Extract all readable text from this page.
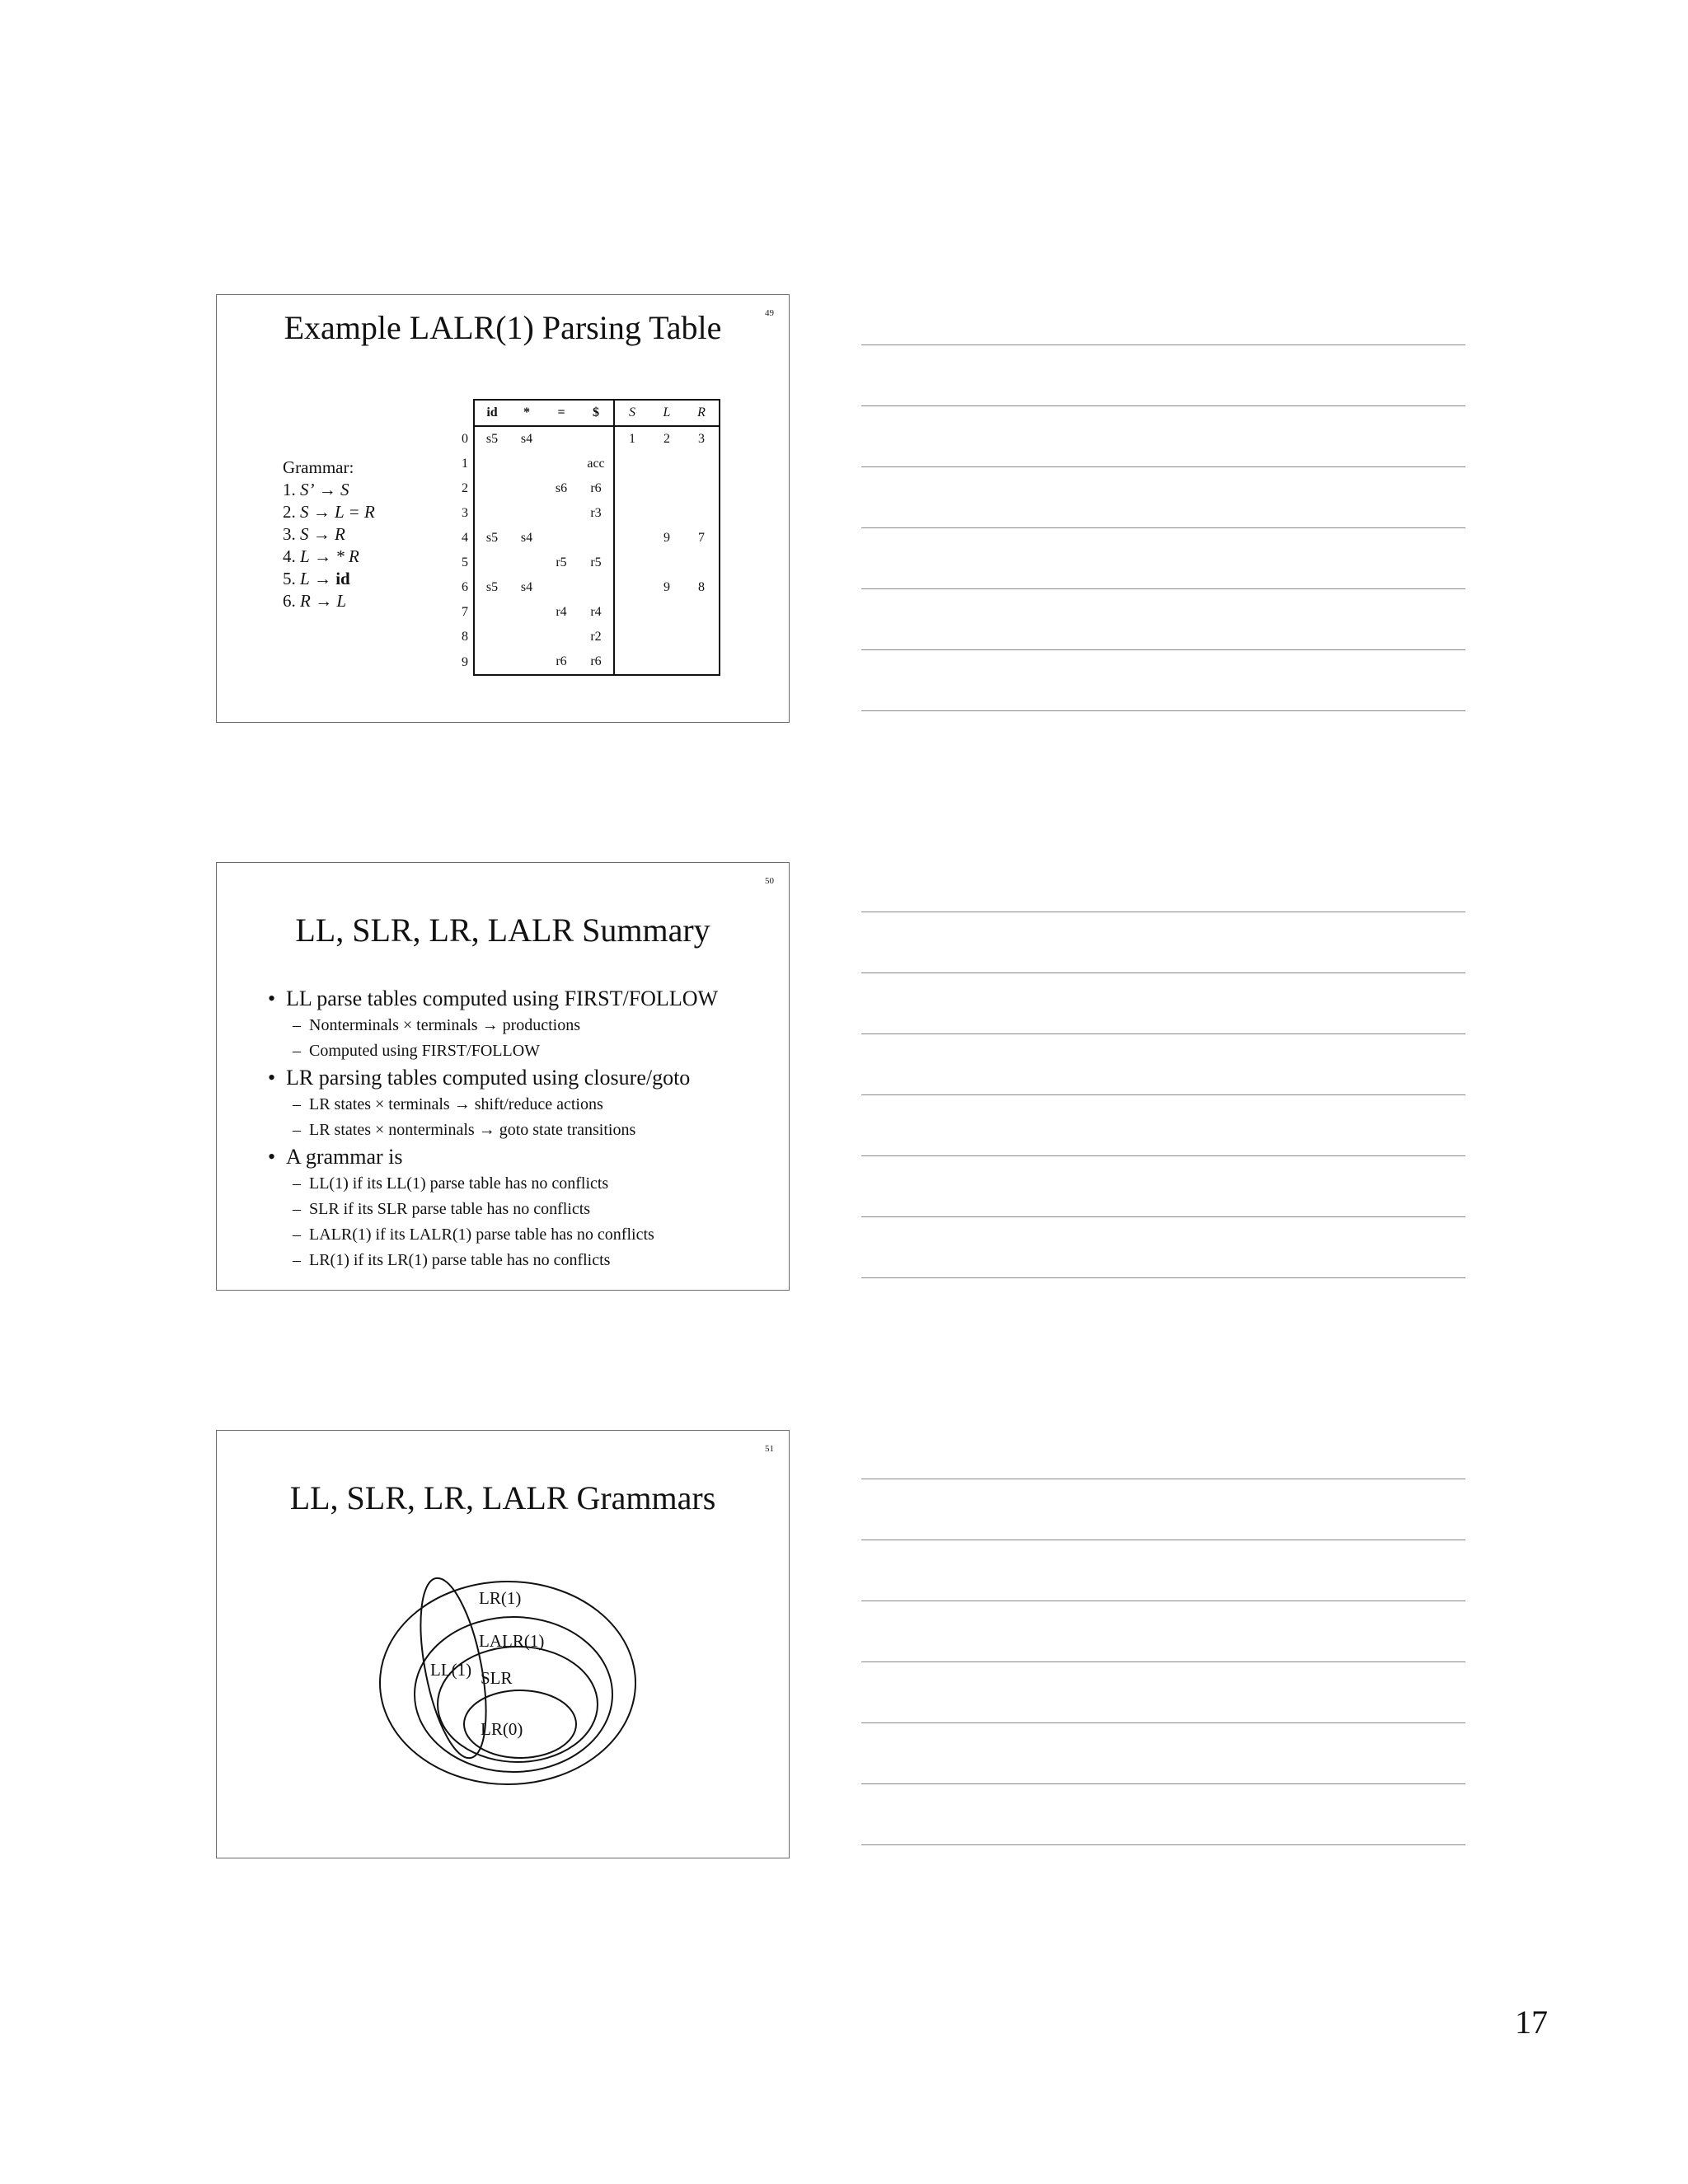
49
Example LALR(1) Parsing Table
Grammar:
1. S’ → S
2. S → L = R
3. S → R
4. L → * R
5. L → id
6. R → L
	id	*	=	$	S	L	R
0	s5	s4			1	2	3
1				acc			
2			s6	r6			
3				r3			
4	s5	s4				9	7
5			r5	r5			
6	s5	s4				9	8
7			r4	r4			
8				r2			
9			r6	r6			
50
LL, SLR, LR, LALR Summary
• LL parse tables computed using FIRST/FOLLOW
– Nonterminals × terminals → productions
– Computed using FIRST/FOLLOW
• LR parsing tables computed using closure/goto
– LR states × terminals → shift/reduce actions
– LR states × nonterminals → goto state transitions
• A grammar is
– LL(1) if its LL(1) parse table has no conflicts
– SLR if its SLR parse table has no conflicts
– LALR(1) if its LALR(1) parse table has no conflicts
– LR(1) if its LR(1) parse table has no conflicts
51
LL, SLR, LR, LALR Grammars
LR(1)
LALR(1)
SLR
LR(0)
LL(1)
17
